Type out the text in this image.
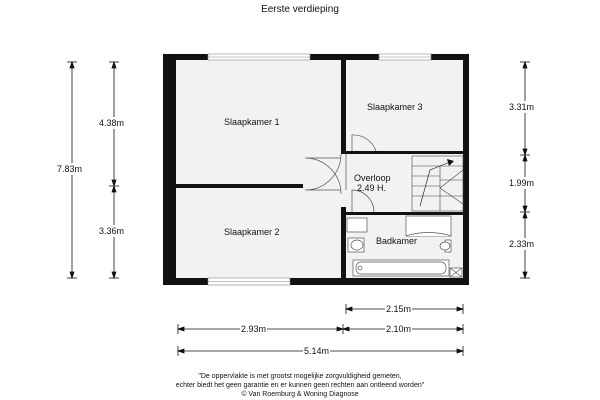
Eerste verdieping
Slaapkamer 1
Slaapkamer 2
Slaapkamer 3
Overloop
2.49 H.
Badkamer
7.83m
4.38m
3.36m
3.31m
1.99m
2.33m
2.15m
2.93m	2.10m
5.14m
"De oppervlakte is met grootst mogelijke zorgvuldigheid gemeten,
echter biedt het geen garantie en er kunnen geen rechten aan ontleend worden"
© Van Roemburg & Woning Diagnose
